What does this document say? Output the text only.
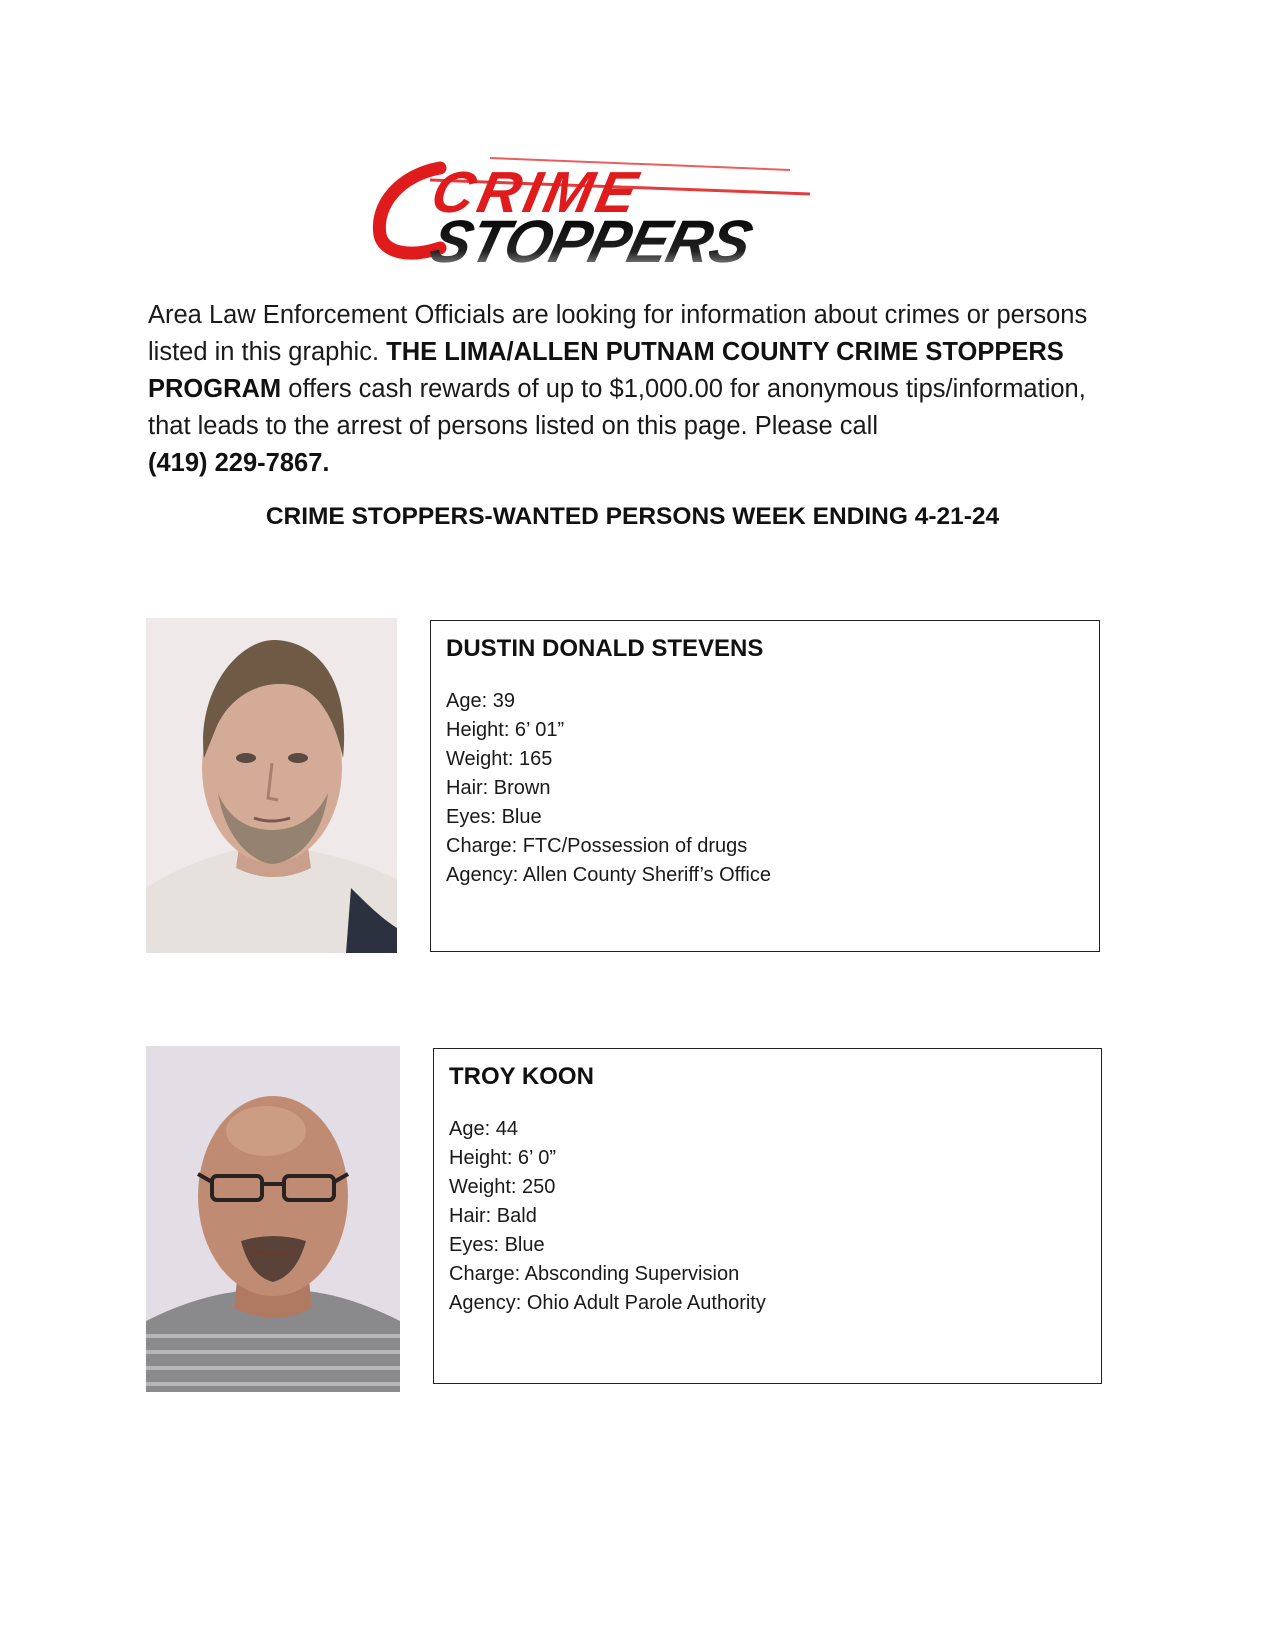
CRIME
STOPPERS
Area Law Enforcement Officials are looking for information about crimes or persons listed in this graphic. THE LIMA/ALLEN PUTNAM COUNTY CRIME STOPPERS PROGRAM offers cash rewards of up to $1,000.00 for anonymous tips/information, that leads to the arrest of persons listed on this page. Please call
(419) 229-7867.
CRIME STOPPERS-WANTED PERSONS WEEK ENDING 4-21-24
DUSTIN DONALD STEVENS
Age: 39
Height: 6’ 01”
Weight: 165
Hair: Brown
Eyes: Blue
Charge: FTC/Possession of drugs
Agency: Allen County Sheriff’s Office
TROY KOON
Age: 44
Height: 6’ 0”
Weight: 250
Hair: Bald
Eyes: Blue
Charge: Absconding Supervision
Agency: Ohio Adult Parole Authority
